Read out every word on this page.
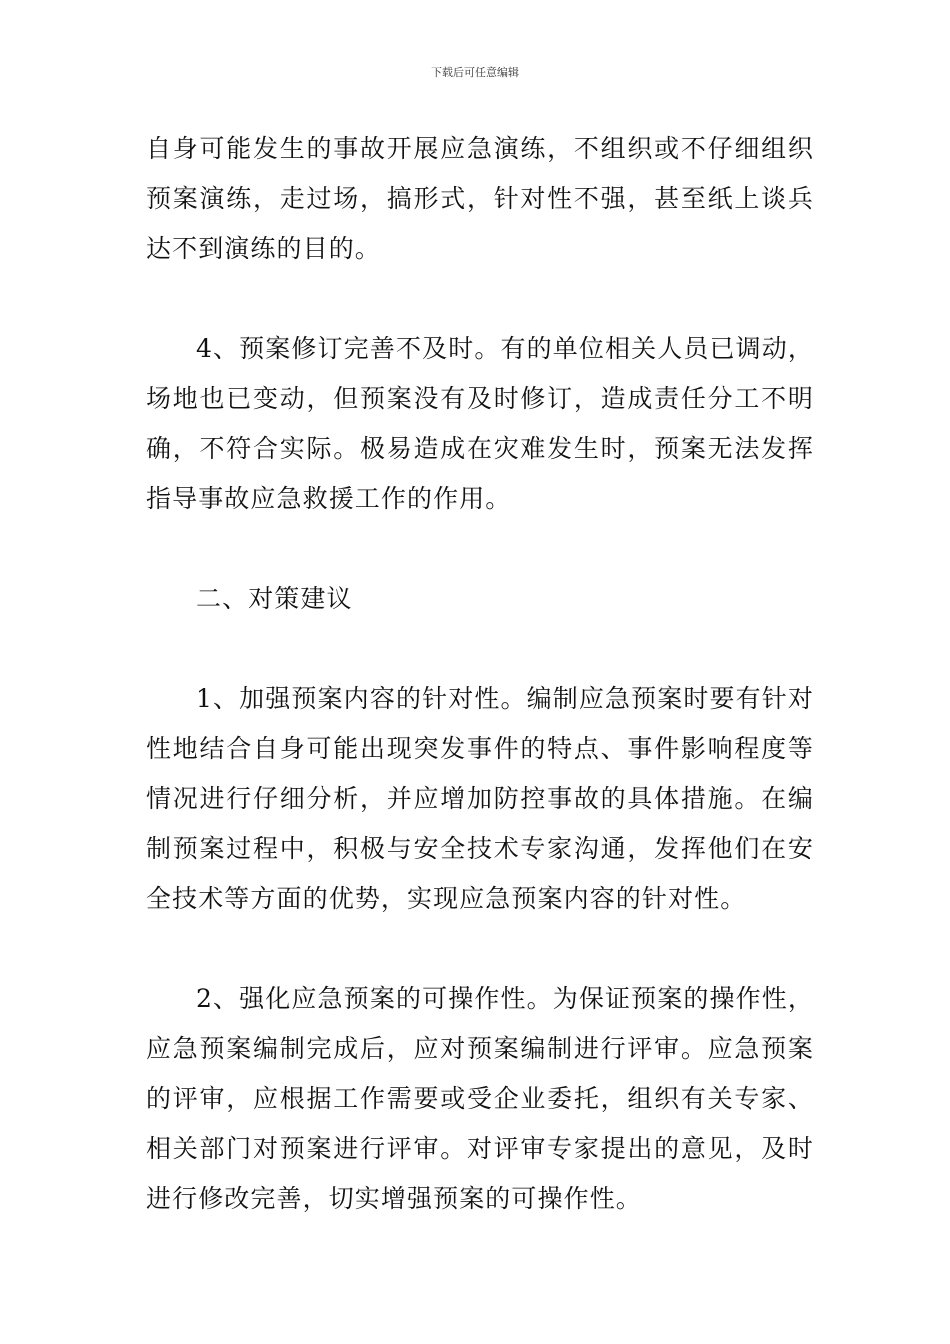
下载后可任意编辑

自身可能发生的事故开展应急演练，不组织或不仔细组织预案演练，走过场，搞形式，针对性不强，甚至纸上谈兵达不到演练的目的。

4、预案修订完善不及时。有的单位相关人员已调动，场地也已变动，但预案没有及时修订，造成责任分工不明确，不符合实际。极易造成在灾难发生时，预案无法发挥指导事故应急救援工作的作用。

二、对策建议

1、加强预案内容的针对性。编制应急预案时要有针对性地结合自身可能出现突发事件的特点、事件影响程度等情况进行仔细分析，并应增加防控事故的具体措施。在编制预案过程中，积极与安全技术专家沟通，发挥他们在安全技术等方面的优势，实现应急预案内容的针对性。

2、强化应急预案的可操作性。为保证预案的操作性，应急预案编制完成后，应对预案编制进行评审。应急预案的评审，应根据工作需要或受企业委托，组织有关专家、相关部门对预案进行评审。对评审专家提出的意见，及时进行修改完善，切实增强预案的可操作性。
